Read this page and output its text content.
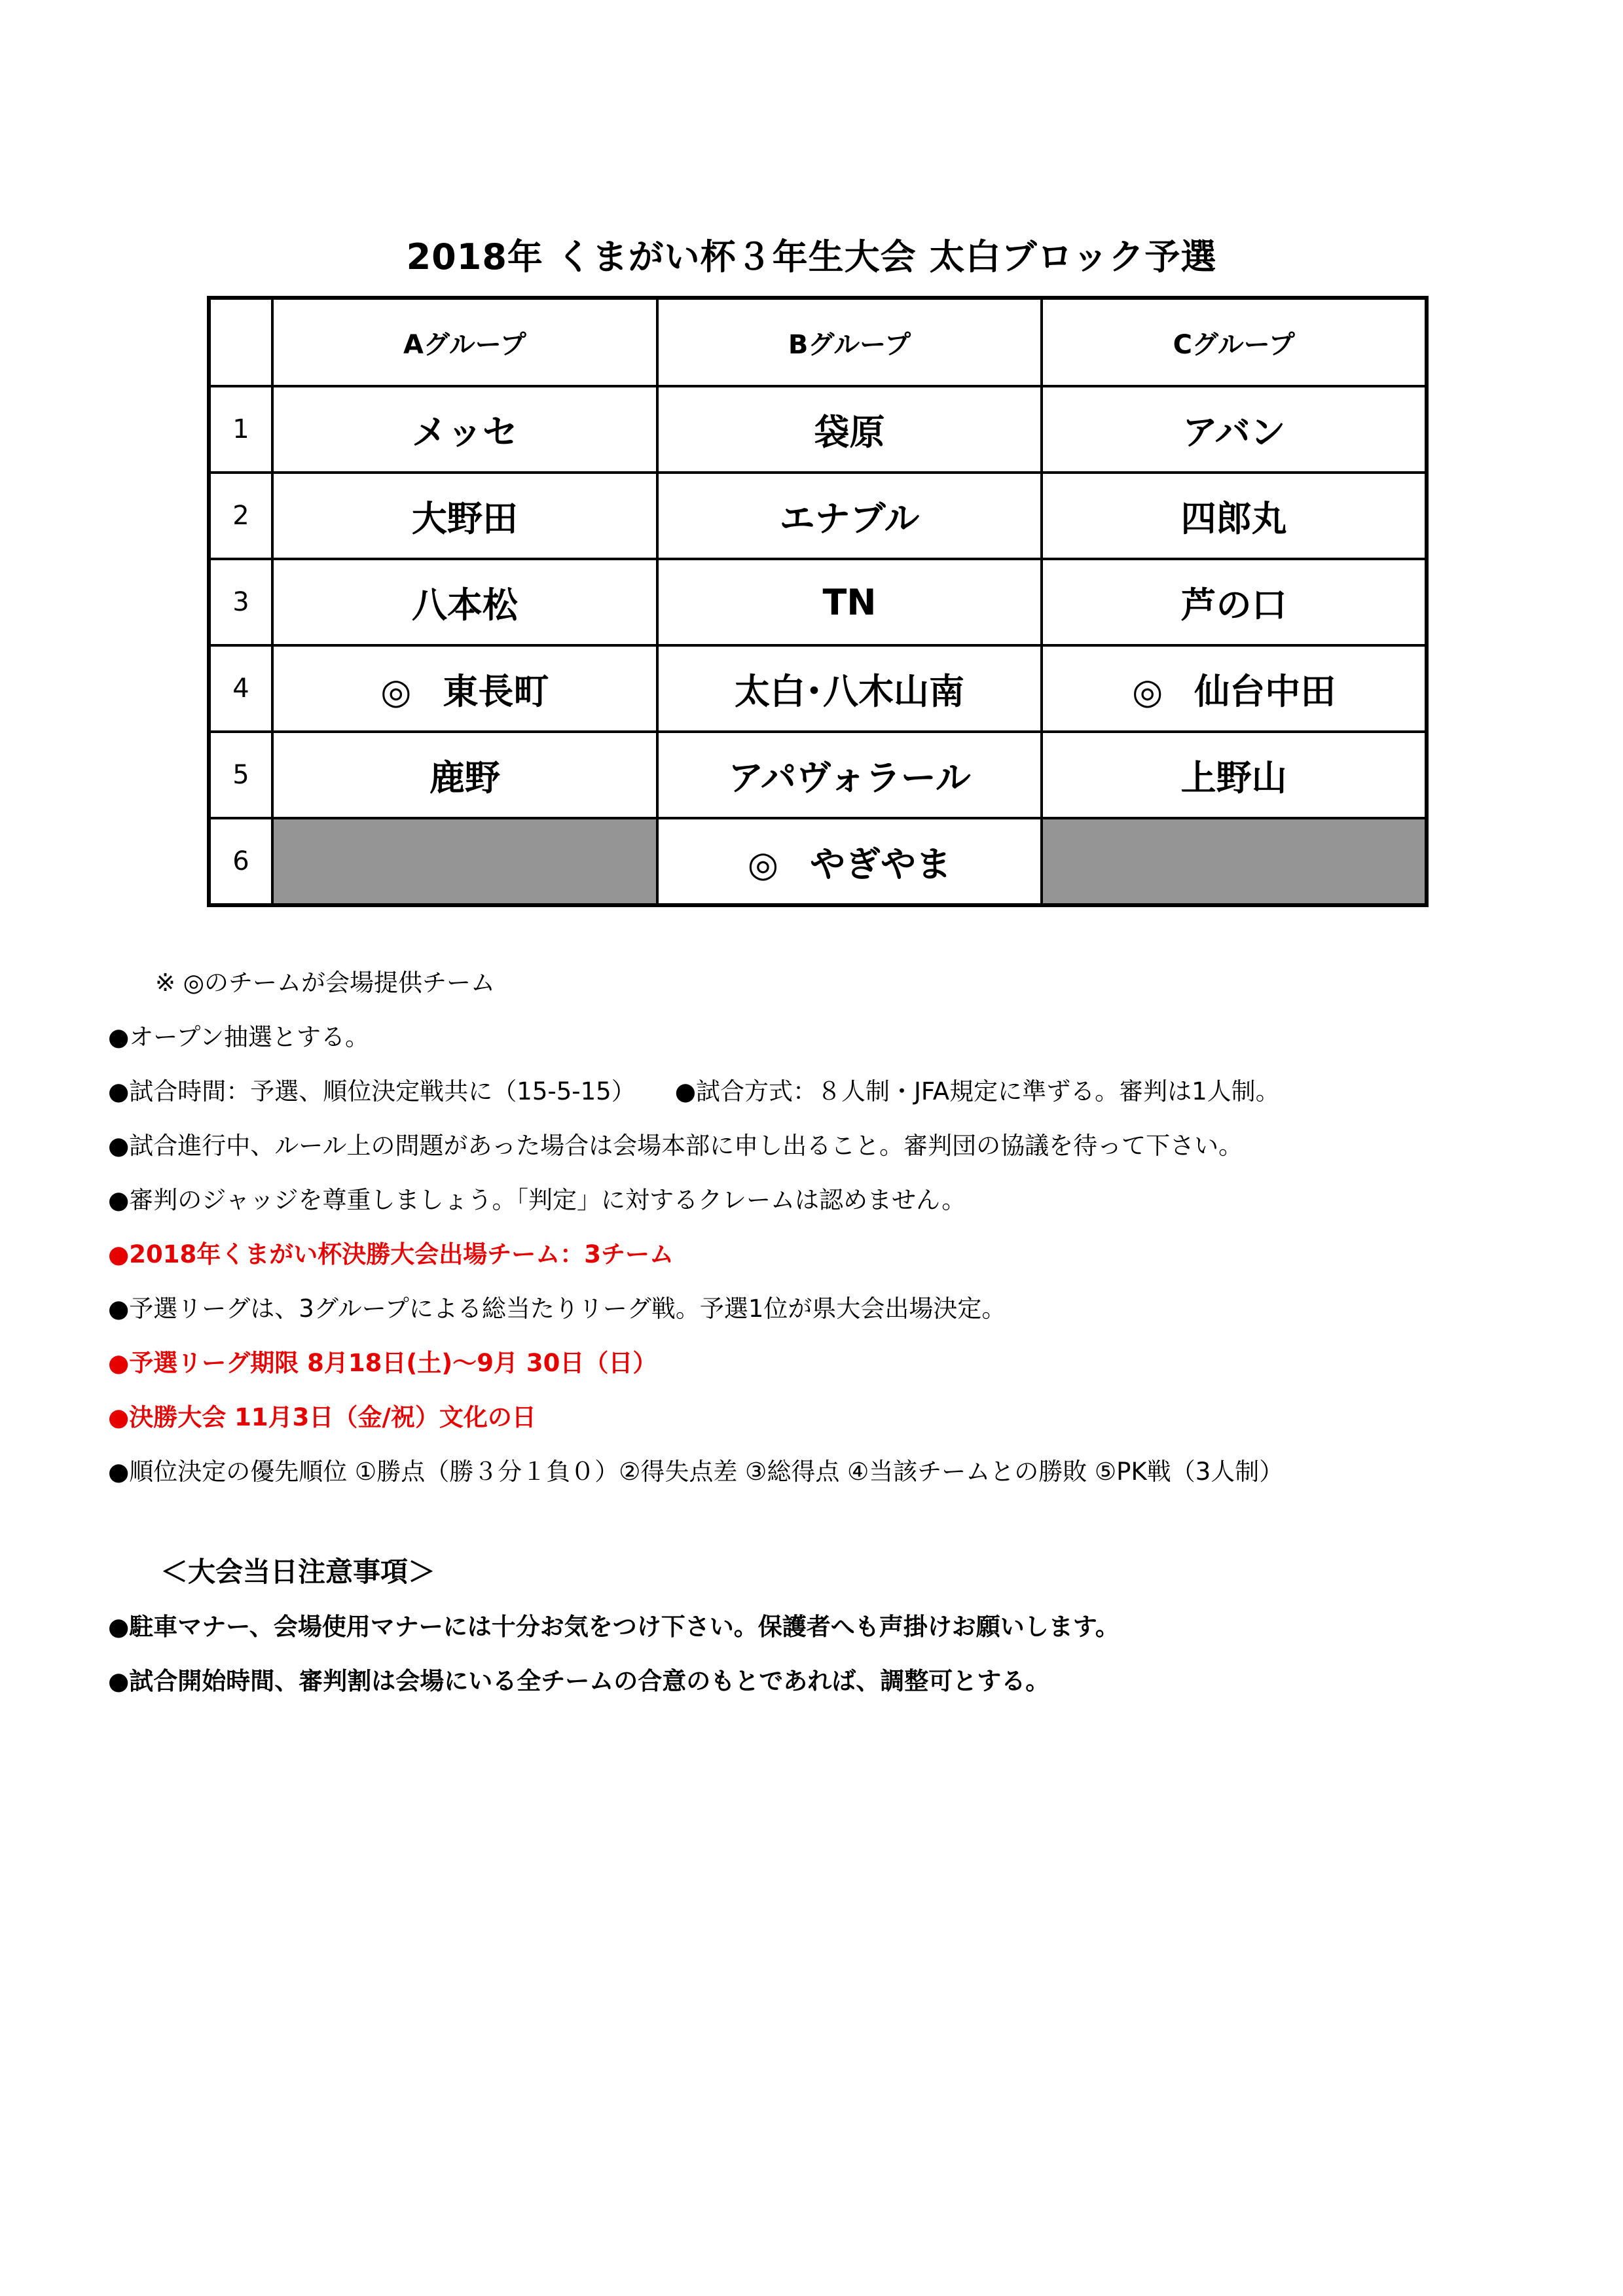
2018年 くまがい杯３年生大会 太白ブロック予選
	Aグループ	Bグループ	Cグループ
1	メッセ	袋原	アバン
2	大野田	エナブル	四郎丸
3	八本松	TN	芦の口
4	◎ 東長町	太白･八木山南	◎ 仙台中田
5	鹿野	アパヴォラール	上野山
6		◎ やぎやま	
※ ◎のチームが会場提供チーム
●オープン抽選とする。
●試合時間：予選、順位決定戦共に（15-5-15） ●試合方式：８人制・JFA規定に準ずる。審判は1人制。
●試合進行中、ルール上の問題があった場合は会場本部に申し出ること。審判団の協議を待って下さい。
●審判のジャッジを尊重しましょう。「判定」に対するクレームは認めません。
●2018年くまがい杯決勝大会出場チーム：3チーム
●予選リーグは、3グループによる総当たりリーグ戦。予選1位が県大会出場決定。
●予選リーグ期限 8月18日(土)～9月 30日（日）
●決勝大会 11月3日（金/祝）文化の日
●順位決定の優先順位 ①勝点（勝３分１負０）②得失点差 ③総得点 ④当該チームとの勝敗 ⑤PK戦（3人制）
＜大会当日注意事項＞
●駐車マナー、会場使用マナーには十分お気をつけ下さい。保護者へも声掛けお願いします。
●試合開始時間、審判割は会場にいる全チームの合意のもとであれば、調整可とする。
